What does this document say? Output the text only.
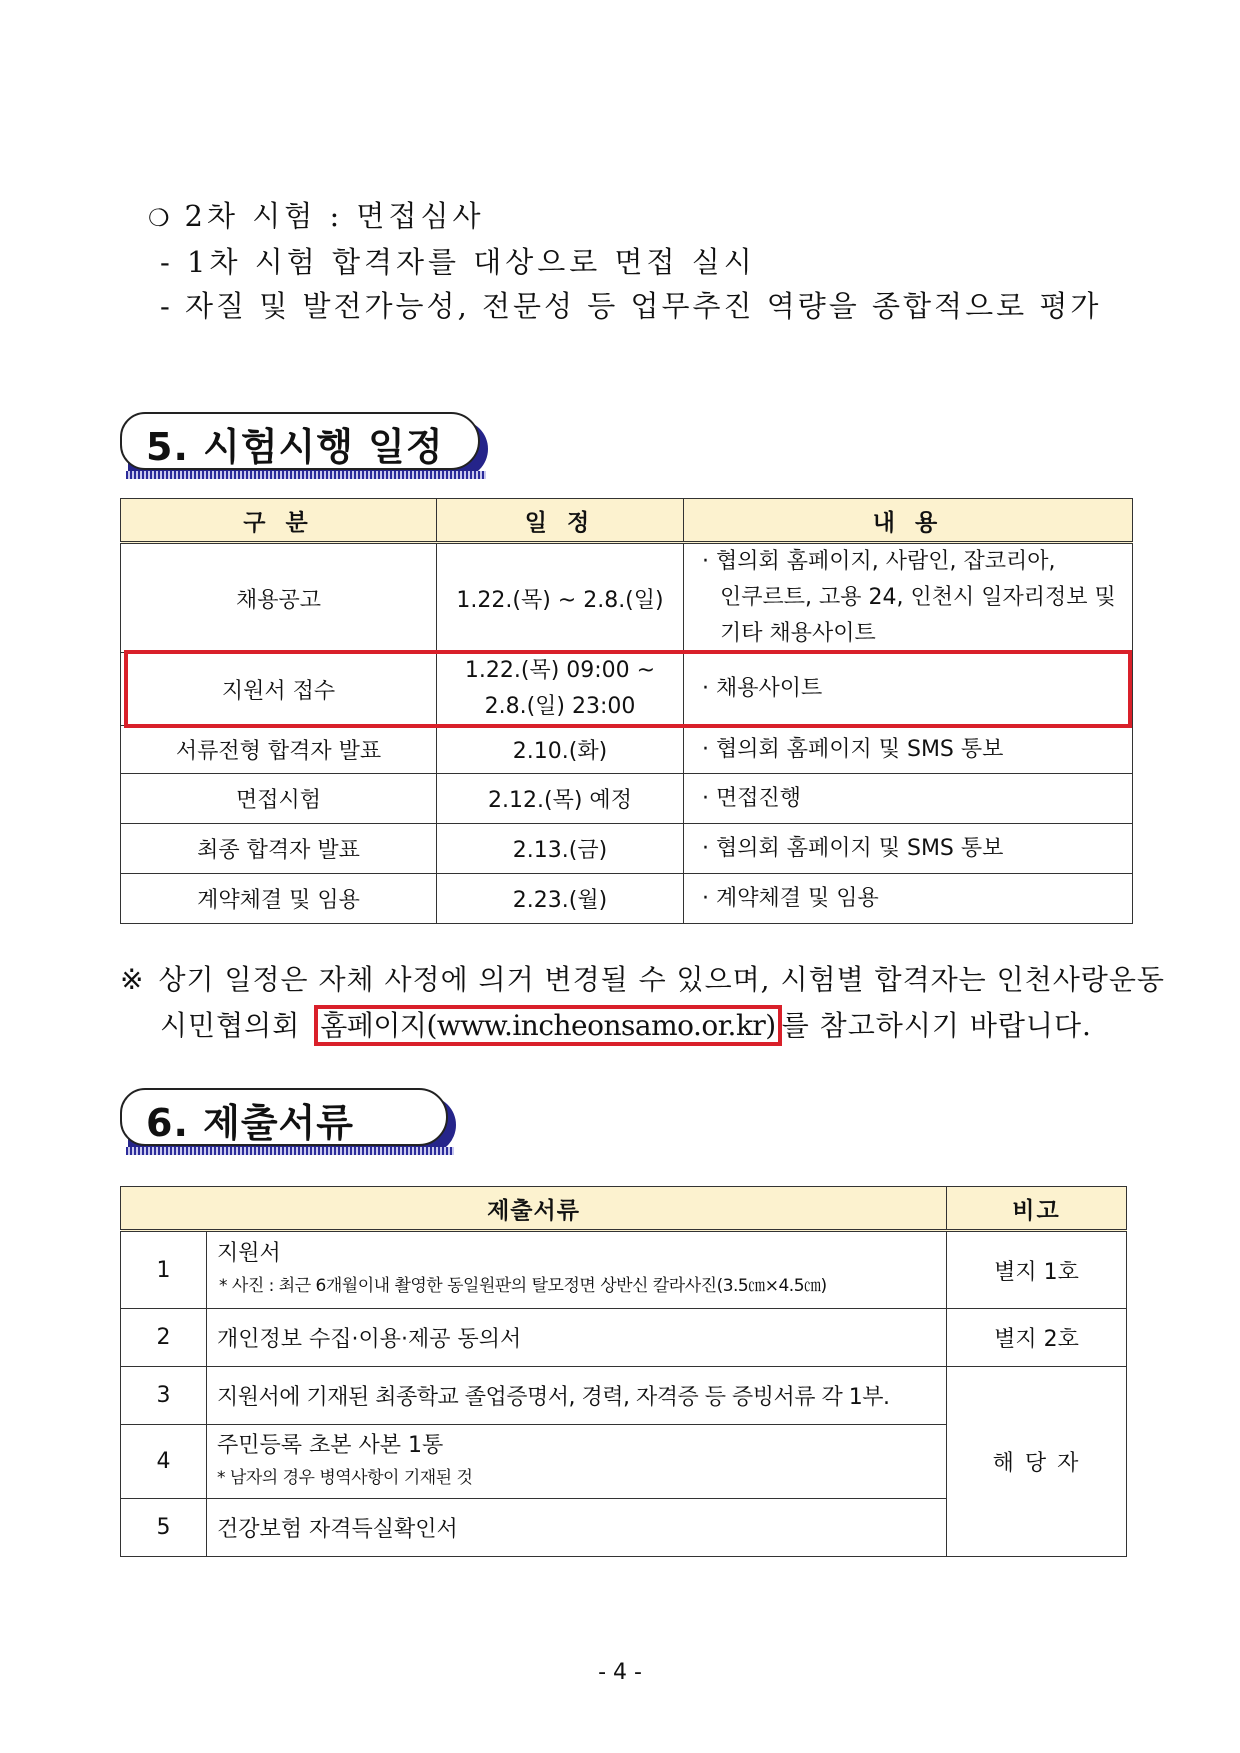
❍ 2차 시험 : 면접심사
- 1차 시험 합격자를 대상으로 면접 실시
- 자질 및 발전가능성, 전문성 등 업무추진 역량을 종합적으로 평가
5. 시험시행 일정
구 분	일 정	내 용
채용공고	1.22.(목) ~ 2.8.(일)	· 협의회 홈페이지, 사람인, 잡코리아,
인쿠르트, 고용 24, 인천시 일자리정보 및
기타 채용사이트

지원서 접수	1.22.(목) 09:00 ~
2.8.(일) 23:00	· 채용사이트
서류전형 합격자 발표	2.10.(화)	· 협의회 홈페이지 및 SMS 통보
면접시험	2.12.(목) 예정	· 면접진행
최종 합격자 발표	2.13.(금)	· 협의회 홈페이지 및 SMS 통보
계약체결 및 임용	2.23.(월)	· 계약체결 및 임용
※ 상기 일정은 자체 사정에 의거 변경될 수 있으며, 시험별 합격자는 인천사랑운동
시민협의회 홈페이지(www.incheonsamo.or.kr) 를 참고하시기 바랍니다.
6. 제출서류
제출서류		비고
1	지원서
* 사진 : 최근 6개월이내 촬영한 동일원판의 탈모정면 상반신 칼라사진(3.5㎝×4.5㎝)	별지 1호
2	개인정보 수집·이용·제공 동의서	별지 2호
3	지원서에 기재된 최종학교 졸업증명서, 경력, 자격증 등 증빙서류 각 1부.	해 당 자
4	주민등록 초본 사본 1통
* 남자의 경우 병역사항이 기재된 것	

5	건강보험 자격득실확인서	
- 4 -
